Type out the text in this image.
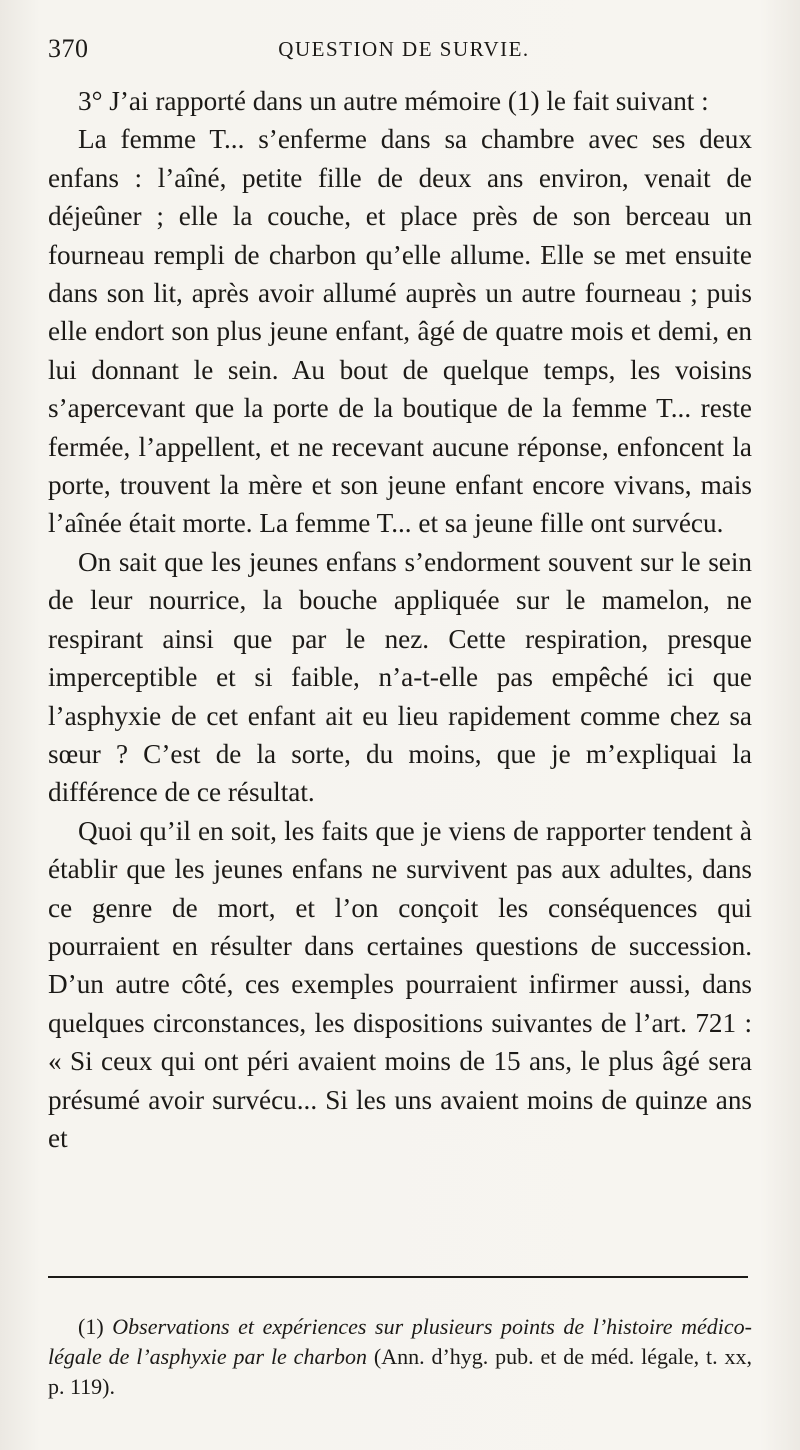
370	QUESTION DE SURVIE.

3° J’ai rapporté dans un autre mémoire (1) le fait suivant :

La femme T... s’enferme dans sa chambre avec ses deux enfans : l’aîné, petite fille de deux ans environ, venait de déjeûner ; elle la couche, et place près de son berceau un fourneau rempli de charbon qu’elle allume. Elle se met ensuite dans son lit, après avoir allumé auprès un autre fourneau ; puis elle endort son plus jeune enfant, âgé de quatre mois et demi, en lui donnant le sein. Au bout de quelque temps, les voisins s’apercevant que la porte de la boutique de la femme T... reste fermée, l’appellent, et ne recevant aucune réponse, enfoncent la porte, trouvent la mère et son jeune enfant encore vivans, mais l’aînée était morte. La femme T... et sa jeune fille ont survécu.

On sait que les jeunes enfans s’endorment souvent sur le sein de leur nourrice, la bouche appliquée sur le mamelon, ne respirant ainsi que par le nez. Cette respiration, presque imperceptible et si faible, n’a-t-elle pas empêché ici que l’asphyxie de cet enfant ait eu lieu rapidement comme chez sa sœur ? C’est de la sorte, du moins, que je m’expliquai la différence de ce résultat.

Quoi qu’il en soit, les faits que je viens de rapporter tendent à établir que les jeunes enfans ne survivent pas aux adultes, dans ce genre de mort, et l’on conçoit les conséquences qui pourraient en résulter dans certaines questions de succession. D’un autre côté, ces exemples pourraient infirmer aussi, dans quelques circonstances, les dispositions suivantes de l’art. 721 : « Si ceux qui ont péri avaient moins de 15 ans, le plus âgé sera présumé avoir survécu... Si les uns avaient moins de quinze ans et

(1) Observations et expériences sur plusieurs points de l’histoire médico-légale de l’asphyxie par le charbon (Ann. d’hyg. pub. et de méd. légale, t. xx, p. 119).
